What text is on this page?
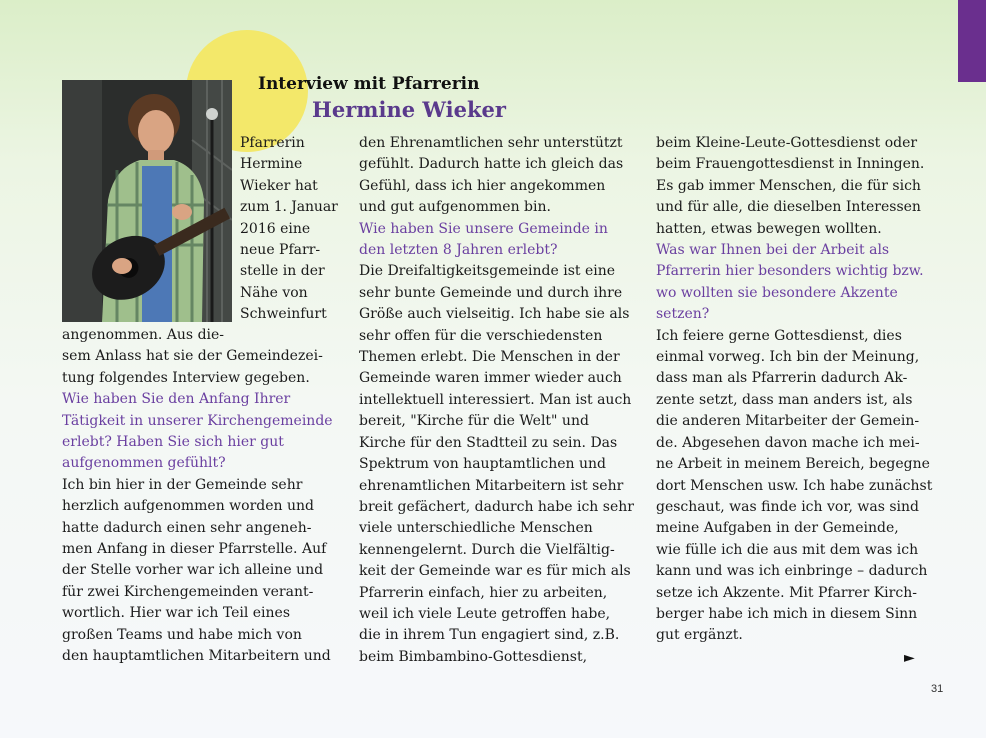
Interview mit Pfarrerin
Hermine Wieker
Pfarrerin
Hermine
Wieker hat
zum 1. Januar
2016 eine
neue Pfarr-
stelle in der
Nähe von
Schweinfurt
angenommen. Aus die-
sem Anlass hat sie der Gemeindezei-
tung folgendes Interview gegeben.
Wie haben Sie den Anfang Ihrer
Tätigkeit in unserer Kirchengemeinde
erlebt? Haben Sie sich hier gut
aufgenommen gefühlt?
Ich bin hier in der Gemeinde sehr
herzlich aufgenommen worden und
hatte dadurch einen sehr angeneh-
men Anfang in dieser Pfarrstelle. Auf
der Stelle vorher war ich alleine und
für zwei Kirchengemeinden verant-
wortlich. Hier war ich Teil eines
großen Teams und habe mich von
den hauptamtlichen Mitarbeitern und
den Ehrenamtlichen sehr unterstützt
gefühlt. Dadurch hatte ich gleich das
Gefühl, dass ich hier angekommen
und gut aufgenommen bin.
Wie haben Sie unsere Gemeinde in
den letzten 8 Jahren erlebt?
Die Dreifaltigkeitsgemeinde ist eine
sehr bunte Gemeinde und durch ihre
Größe auch vielseitig. Ich habe sie als
sehr offen für die verschiedensten
Themen erlebt. Die Menschen in der
Gemeinde waren immer wieder auch
intellektuell interessiert. Man ist auch
bereit, "Kirche für die Welt" und
Kirche für den Stadtteil zu sein. Das
Spektrum von hauptamtlichen und
ehrenamtlichen Mitarbeitern ist sehr
breit gefächert, dadurch habe ich sehr
viele unterschiedliche Menschen
kennengelernt. Durch die Vielfältig-
keit der Gemeinde war es für mich als
Pfarrerin einfach, hier zu arbeiten,
weil ich viele Leute getroffen habe,
die in ihrem Tun engagiert sind, z.B.
beim Bimbambino-Gottesdienst,
beim Kleine-Leute-Gottesdienst oder
beim Frauengottesdienst in Inningen.
Es gab immer Menschen, die für sich
und für alle, die dieselben Interessen
hatten, etwas bewegen wollten.
Was war Ihnen bei der Arbeit als
Pfarrerin hier besonders wichtig bzw.
wo wollten sie besondere Akzente
setzen?
Ich feiere gerne Gottesdienst, dies
einmal vorweg. Ich bin der Meinung,
dass man als Pfarrerin dadurch Ak-
zente setzt, dass man anders ist, als
die anderen Mitarbeiter der Gemein-
de. Abgesehen davon mache ich mei-
ne Arbeit in meinem Bereich, begegne
dort Menschen usw. Ich habe zunächst
geschaut, was finde ich vor, was sind
meine Aufgaben in der Gemeinde,
wie fülle ich die aus mit dem was ich
kann und was ich einbringe – dadurch
setze ich Akzente. Mit Pfarrer Kirch-
berger habe ich mich in diesem Sinn
gut ergänzt.
►
31
